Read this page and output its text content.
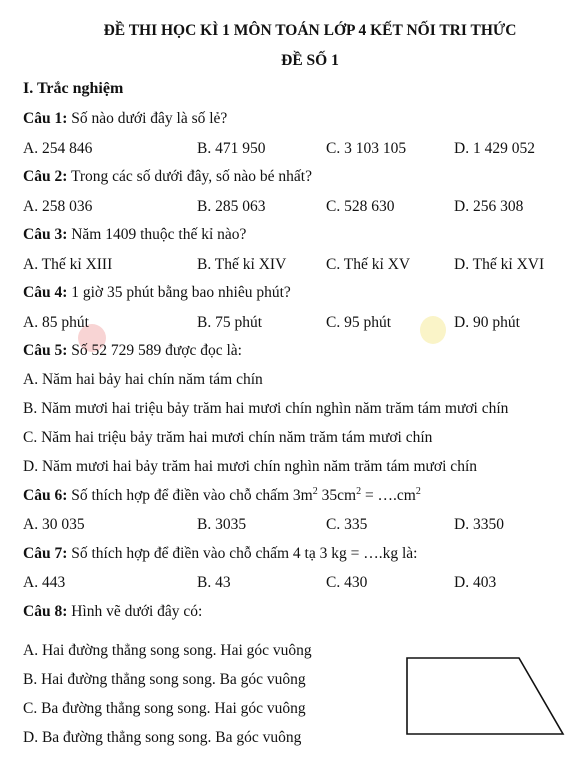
ĐỀ THI HỌC KÌ 1 MÔN TOÁN LỚP 4 KẾT NỐI TRI THỨC
ĐỀ SỐ 1
I. Trắc nghiệm
Câu 1: Số nào dưới đây là số lẻ?
A. 254 846	B. 471 950	C. 3 103 105	D. 1 429 052
Câu 2: Trong các số dưới đây, số nào bé nhất?
A. 258 036	B. 285 063	C. 528 630	D. 256 308
Câu 3: Năm 1409 thuộc thế kỉ nào?
A. Thế kỉ XIII	B. Thế kỉ XIV	C. Thế kỉ XV	D. Thế kỉ XVI
Câu 4: 1 giờ 35 phút bằng bao nhiêu phút?
A. 85 phút	B. 75 phút	C. 95 phút	D. 90 phút
Câu 5: Số 52 729 589 được đọc là:
A. Năm hai bảy hai chín năm tám chín
B. Năm mươi hai triệu bảy trăm hai mươi chín nghìn năm trăm tám mươi chín
C. Năm hai triệu bảy trăm hai mươi chín năm trăm tám mươi chín
D. Năm mươi hai bảy trăm hai mươi chín nghìn năm trăm tám mươi chín
Câu 6: Số thích hợp để điền vào chỗ chấm $3m^2$ $35cm^2$ = $\dots.cm^2$
A. 30 035	B. 3035	C. 335	D. 3350
Câu 7: Số thích hợp để điền vào chỗ chấm 4 tạ 3 kg = ….kg là:
A. 443	B. 43	C. 430	D. 403
Câu 8: Hình vẽ dưới đây có:
A. Hai đường thẳng song song. Hai góc vuông
B. Hai đường thẳng song song. Ba góc vuông
C. Ba đường thẳng song song. Hai góc vuông
D. Ba đường thẳng song song. Ba góc vuông
